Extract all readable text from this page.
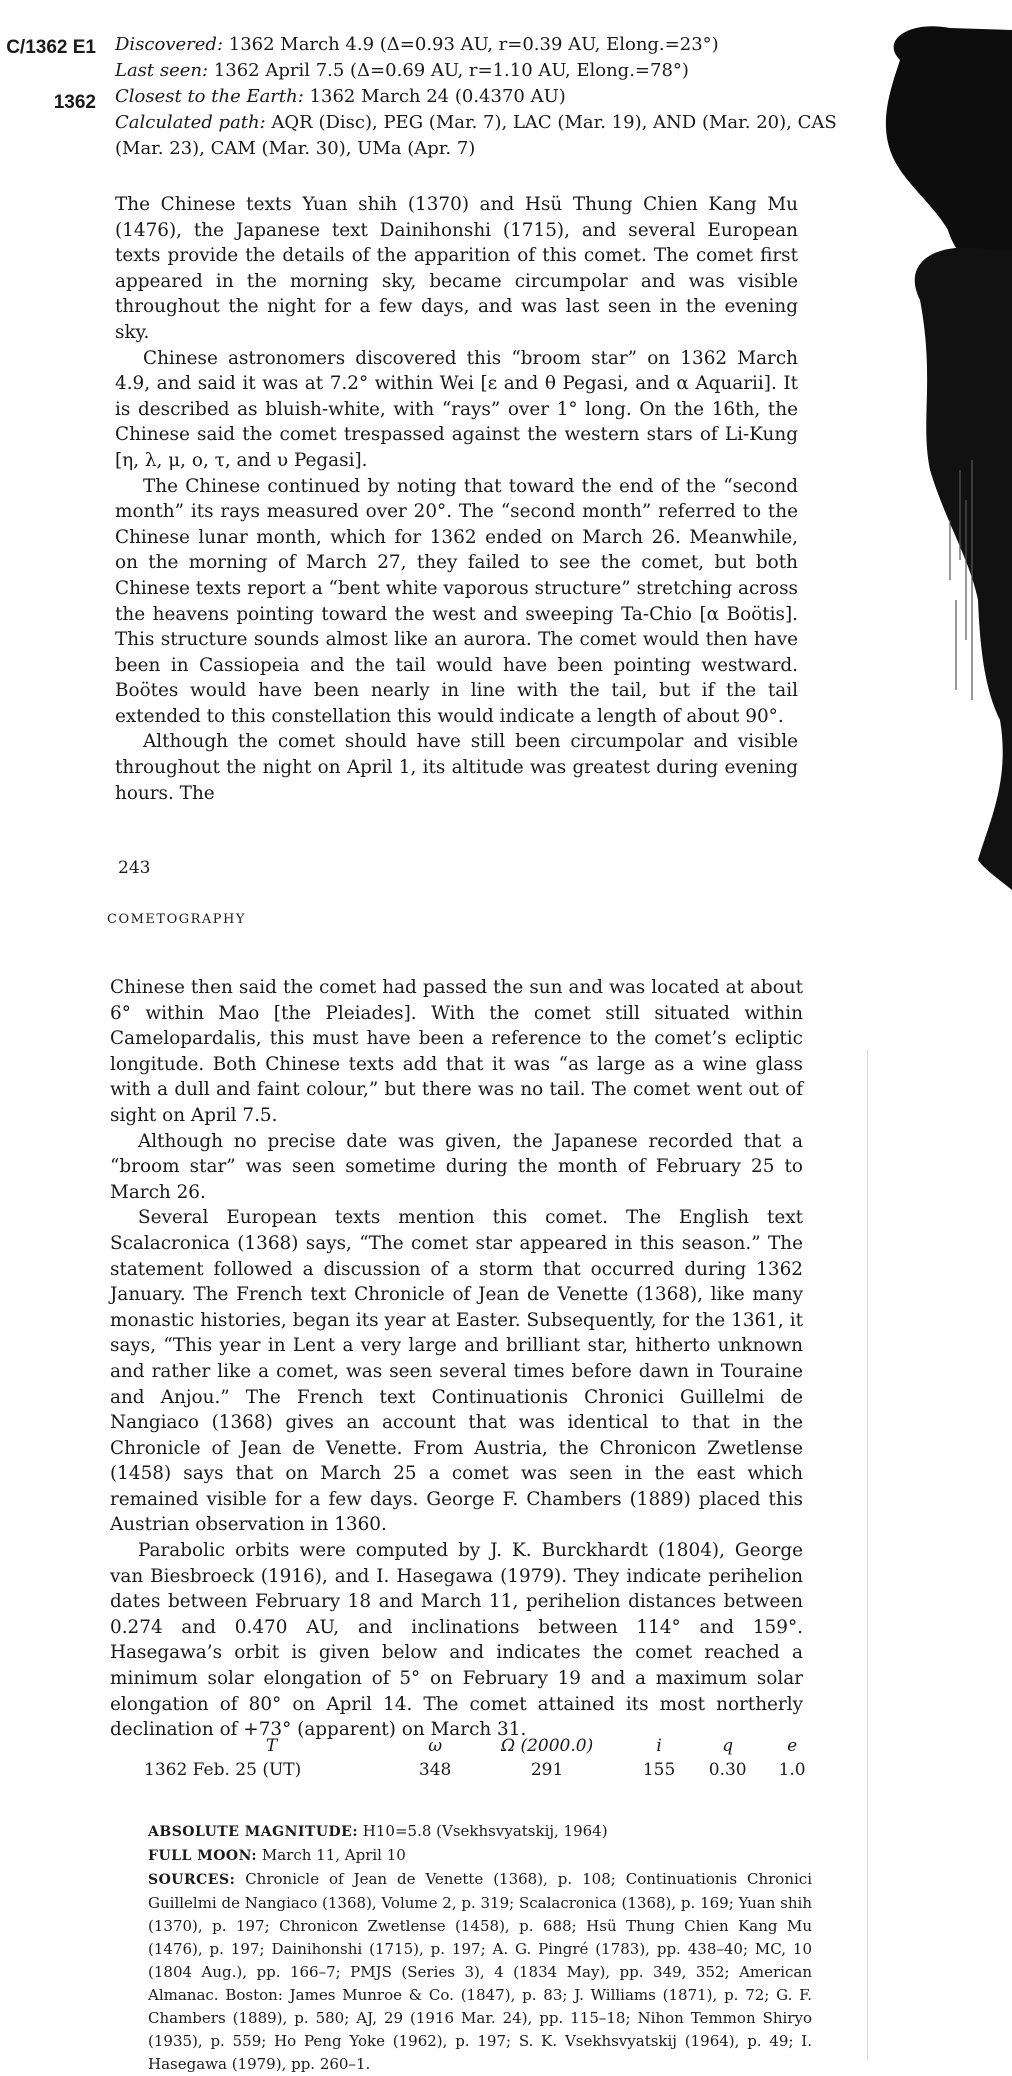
C/1362 E1
1362
Discovered: 1362 March 4.9 (Δ=0.93 AU, r=0.39 AU, Elong.=23°)
Last seen: 1362 April 7.5 (Δ=0.69 AU, r=1.10 AU, Elong.=78°)
Closest to the Earth: 1362 March 24 (0.4370 AU)
Calculated path: AQR (Disc), PEG (Mar. 7), LAC (Mar. 19), AND (Mar. 20), CAS (Mar. 23), CAM (Mar. 30), UMa (Apr. 7)

The Chinese texts Yuan shih (1370) and Hsü Thung Chien Kang Mu (1476), the Japanese text Dainihonshi (1715), and several European texts provide the details of the apparition of this comet. The comet first appeared in the morning sky, became circumpolar and was visible throughout the night for a few days, and was last seen in the evening sky.

Chinese astronomers discovered this “broom star” on 1362 March 4.9, and said it was at 7.2° within Wei [ε and θ Pegasi, and α Aquarii]. It is described as bluish-white, with “rays” over 1° long. On the 16th, the Chinese said the comet trespassed against the western stars of Li-Kung [η, λ, μ, ο, τ, and υ Pegasi].

The Chinese continued by noting that toward the end of the “second month” its rays measured over 20°. The “second month” referred to the Chinese lunar month, which for 1362 ended on March 26. Meanwhile, on the morning of March 27, they failed to see the comet, but both Chinese texts report a “bent white vaporous structure” stretching across the heavens pointing toward the west and sweeping Ta-Chio [α Boötis]. This structure sounds almost like an aurora. The comet would then have been in Cassiopeia and the tail would have been pointing westward. Boötes would have been nearly in line with the tail, but if the tail extended to this constellation this would indicate a length of about 90°.

Although the comet should have still been circumpolar and visible throughout the night on April 1, its altitude was greatest during evening hours. The

243
COMETOGRAPHY

Chinese then said the comet had passed the sun and was located at about 6° within Mao [the Pleiades]. With the comet still situated within Camelopardalis, this must have been a reference to the comet’s ecliptic longitude. Both Chinese texts add that it was “as large as a wine glass with a dull and faint colour,” but there was no tail. The comet went out of sight on April 7.5.

Although no precise date was given, the Japanese recorded that a “broom star” was seen sometime during the month of February 25 to March 26.

Several European texts mention this comet. The English text Scalacronica (1368) says, “The comet star appeared in this season.” The statement followed a discussion of a storm that occurred during 1362 January. The French text Chronicle of Jean de Venette (1368), like many monastic histories, began its year at Easter. Subsequently, for the 1361, it says, “This year in Lent a very large and brilliant star, hitherto unknown and rather like a comet, was seen several times before dawn in Touraine and Anjou.” The French text Continuationis Chronici Guillelmi de Nangiaco (1368) gives an account that was identical to that in the Chronicle of Jean de Venette. From Austria, the Chronicon Zwetlense (1458) says that on March 25 a comet was seen in the east which remained visible for a few days. George F. Chambers (1889) placed this Austrian observation in 1360.

Parabolic orbits were computed by J. K. Burckhardt (1804), George van Biesbroeck (1916), and I. Hasegawa (1979). They indicate perihelion dates between February 18 and March 11, perihelion distances between 0.274 and 0.470 AU, and inclinations between 114° and 159°. Hasegawa’s orbit is given below and indicates the comet reached a minimum solar elongation of 5° on February 19 and a maximum solar elongation of 80° on April 14. The comet attained its most northerly declination of +73° (apparent) on March 31.

T	ω	Ω (2000.0)	i	q	e
1362 Feb. 25 (UT)	348	291	155	0.30	1.0
ABSOLUTE MAGNITUDE: H10=5.8 (Vsekhsvyatskij, 1964)
FULL MOON: March 11, April 10
SOURCES: Chronicle of Jean de Venette (1368), p. 108; Continuationis Chronici Guillelmi de Nangiaco (1368), Volume 2, p. 319; Scalacronica (1368), p. 169; Yuan shih (1370), p. 197; Chronicon Zwetlense (1458), p. 688; Hsü Thung Chien Kang Mu (1476), p. 197; Dainihonshi (1715), p. 197; A. G. Pingré (1783), pp. 438–40; MC, 10 (1804 Aug.), pp. 166–7; PMJS (Series 3), 4 (1834 May), pp. 349, 352; American Almanac. Boston: James Munroe & Co. (1847), p. 83; J. Williams (1871), p. 72; G. F. Chambers (1889), p. 580; AJ, 29 (1916 Mar. 24), pp. 115–18; Nihon Temmon Shiryo (1935), p. 559; Ho Peng Yoke (1962), p. 197; S. K. Vsekhsvyatskij (1964), p. 49; I. Hasegawa (1979), pp. 260–1.
